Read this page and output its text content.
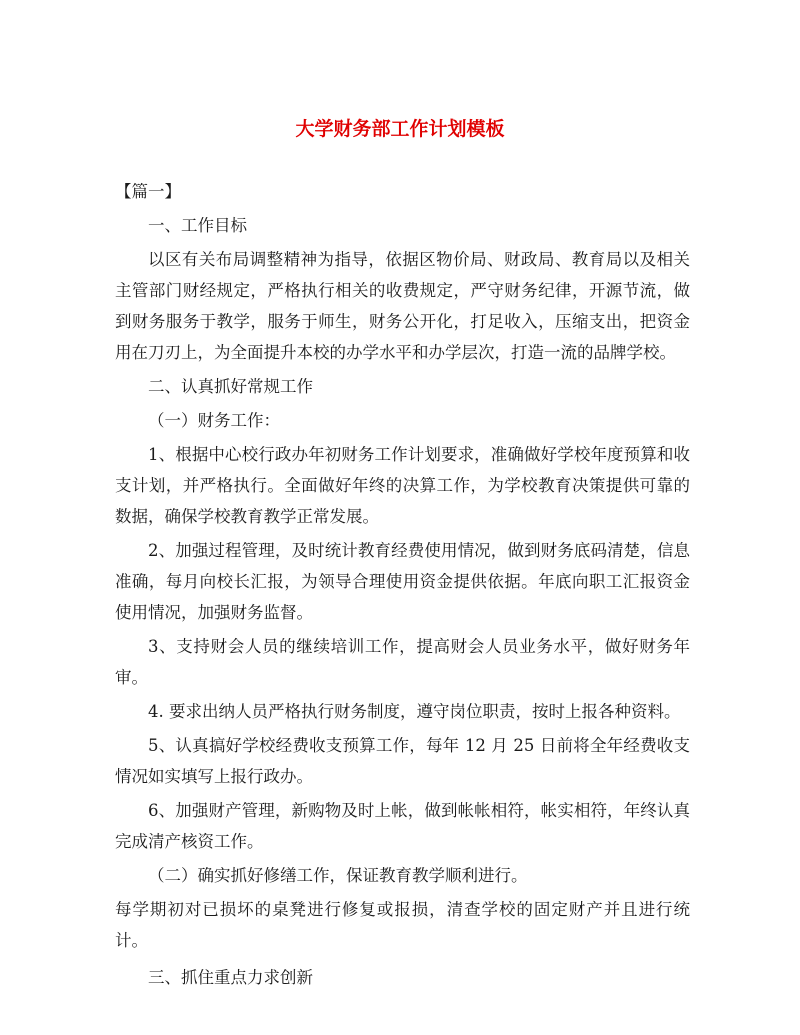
大学财务部工作计划模板

【篇一】

一、工作目标

以区有关布局调整精神为指导，依据区物价局、财政局、教育局以及相关主管部门财经规定，严格执行相关的收费规定，严守财务纪律，开源节流，做到财务服务于教学，服务于师生，财务公开化，打足收入，压缩支出，把资金用在刀刃上，为全面提升本校的办学水平和办学层次，打造一流的品牌学校。

二、认真抓好常规工作

（一）财务工作：

1、根据中心校行政办年初财务工作计划要求，准确做好学校年度预算和收支计划，并严格执行。全面做好年终的决算工作，为学校教育决策提供可靠的数据，确保学校教育教学正常发展。

2、加强过程管理，及时统计教育经费使用情况，做到财务底码清楚，信息准确，每月向校长汇报，为领导合理使用资金提供依据。年底向职工汇报资金使用情况，加强财务监督。

3、支持财会人员的继续培训工作，提高财会人员业务水平，做好财务年审。

4. 要求出纳人员严格执行财务制度，遵守岗位职责，按时上报各种资料。

5、认真搞好学校经费收支预算工作，每年 12 月 25 日前将全年经费收支情况如实填写上报行政办。

6、加强财产管理，新购物及时上帐，做到帐帐相符，帐实相符，年终认真完成清产核资工作。

（二）确实抓好修缮工作，保证教育教学顺利进行。

每学期初对已损坏的桌凳进行修复或报损，清查学校的固定财产并且进行统计。

三、抓住重点力求创新
